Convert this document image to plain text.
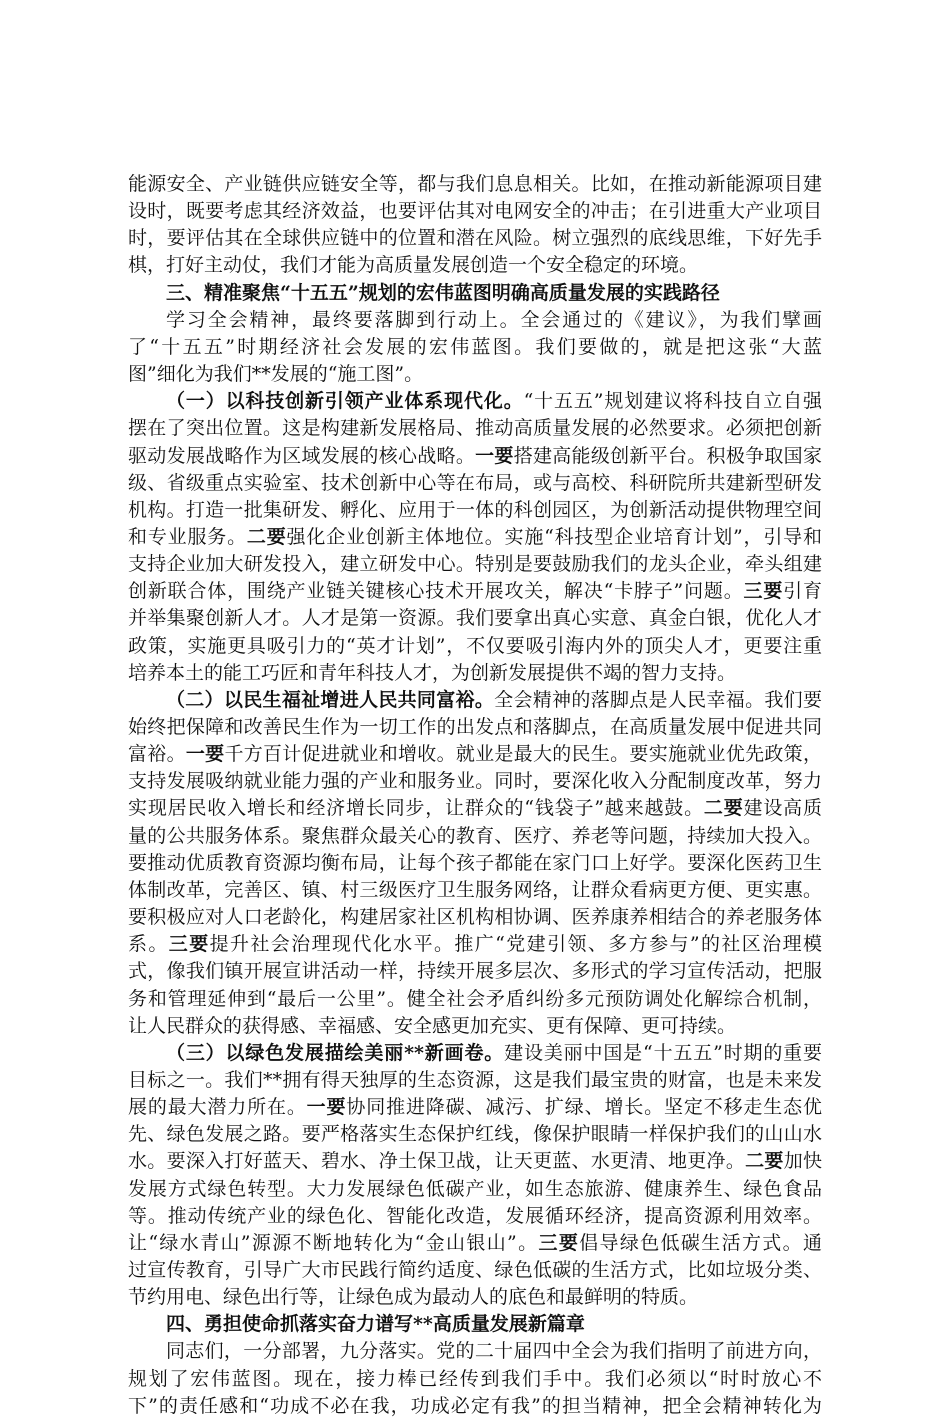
能源安全、产业链供应链安全等，都与我们息息相关。比如，在推动新能源项目建
设时，既要考虑其经济效益，也要评估其对电网安全的冲击；在引进重大产业项目
时，要评估其在全球供应链中的位置和潜在风险。树立强烈的底线思维，下好先手
棋，打好主动仗，我们才能为高质量发展创造一个安全稳定的环境。
三、精准聚焦“十五五”规划的宏伟蓝图明确高质量发展的实践路径
学习全会精神，最终要落脚到行动上。全会通过的《建议》，为我们擘画
了“十五五”时期经济社会发展的宏伟蓝图。我们要做的，就是把这张“大蓝
图”细化为我们**发展的“施工图”。
（一）以科技创新引领产业体系现代化。“十五五”规划建议将科技自立自强
摆在了突出位置。这是构建新发展格局、推动高质量发展的必然要求。必须把创新
驱动发展战略作为区域发展的核心战略。一要搭建高能级创新平台。积极争取国家
级、省级重点实验室、技术创新中心等在布局，或与高校、科研院所共建新型研发
机构。打造一批集研发、孵化、应用于一体的科创园区，为创新活动提供物理空间
和专业服务。二要强化企业创新主体地位。实施“科技型企业培育计划”，引导和
支持企业加大研发投入，建立研发中心。特别是要鼓励我们的龙头企业，牵头组建
创新联合体，围绕产业链关键核心技术开展攻关，解决“卡脖子”问题。三要引育
并举集聚创新人才。人才是第一资源。我们要拿出真心实意、真金白银，优化人才
政策，实施更具吸引力的“英才计划”，不仅要吸引海内外的顶尖人才，更要注重
培养本土的能工巧匠和青年科技人才，为创新发展提供不竭的智力支持。
（二）以民生福祉增进人民共同富裕。全会精神的落脚点是人民幸福。我们要
始终把保障和改善民生作为一切工作的出发点和落脚点，在高质量发展中促进共同
富裕。一要千方百计促进就业和增收。就业是最大的民生。要实施就业优先政策，
支持发展吸纳就业能力强的产业和服务业。同时，要深化收入分配制度改革，努力
实现居民收入增长和经济增长同步，让群众的“钱袋子”越来越鼓。二要建设高质
量的公共服务体系。聚焦群众最关心的教育、医疗、养老等问题，持续加大投入。
要推动优质教育资源均衡布局，让每个孩子都能在家门口上好学。要深化医药卫生
体制改革，完善区、镇、村三级医疗卫生服务网络，让群众看病更方便、更实惠。
要积极应对人口老龄化，构建居家社区机构相协调、医养康养相结合的养老服务体
系。三要提升社会治理现代化水平。推广“党建引领、多方参与”的社区治理模
式，像我们镇开展宣讲活动一样，持续开展多层次、多形式的学习宣传活动，把服
务和管理延伸到“最后一公里”。健全社会矛盾纠纷多元预防调处化解综合机制，
让人民群众的获得感、幸福感、安全感更加充实、更有保障、更可持续。
（三）以绿色发展描绘美丽**新画卷。建设美丽中国是“十五五”时期的重要
目标之一。我们**拥有得天独厚的生态资源，这是我们最宝贵的财富，也是未来发
展的最大潜力所在。一要协同推进降碳、减污、扩绿、增长。坚定不移走生态优
先、绿色发展之路。要严格落实生态保护红线，像保护眼睛一样保护我们的山山水
水。要深入打好蓝天、碧水、净土保卫战，让天更蓝、水更清、地更净。二要加快
发展方式绿色转型。大力发展绿色低碳产业，如生态旅游、健康养生、绿色食品
等。推动传统产业的绿色化、智能化改造，发展循环经济，提高资源利用效率。
让“绿水青山”源源不断地转化为“金山银山”。三要倡导绿色低碳生活方式。通
过宣传教育，引导广大市民践行简约适度、绿色低碳的生活方式，比如垃圾分类、
节约用电、绿色出行等，让绿色成为最动人的底色和最鲜明的特质。
四、勇担使命抓落实奋力谱写**高质量发展新篇章
同志们，一分部署，九分落实。党的二十届四中全会为我们指明了前进方向，
规划了宏伟蓝图。现在，接力棒已经传到我们手中。我们必须以“时时放心不
下”的责任感和“功成不必在我，功成必定有我”的担当精神，把全会精神转化为
